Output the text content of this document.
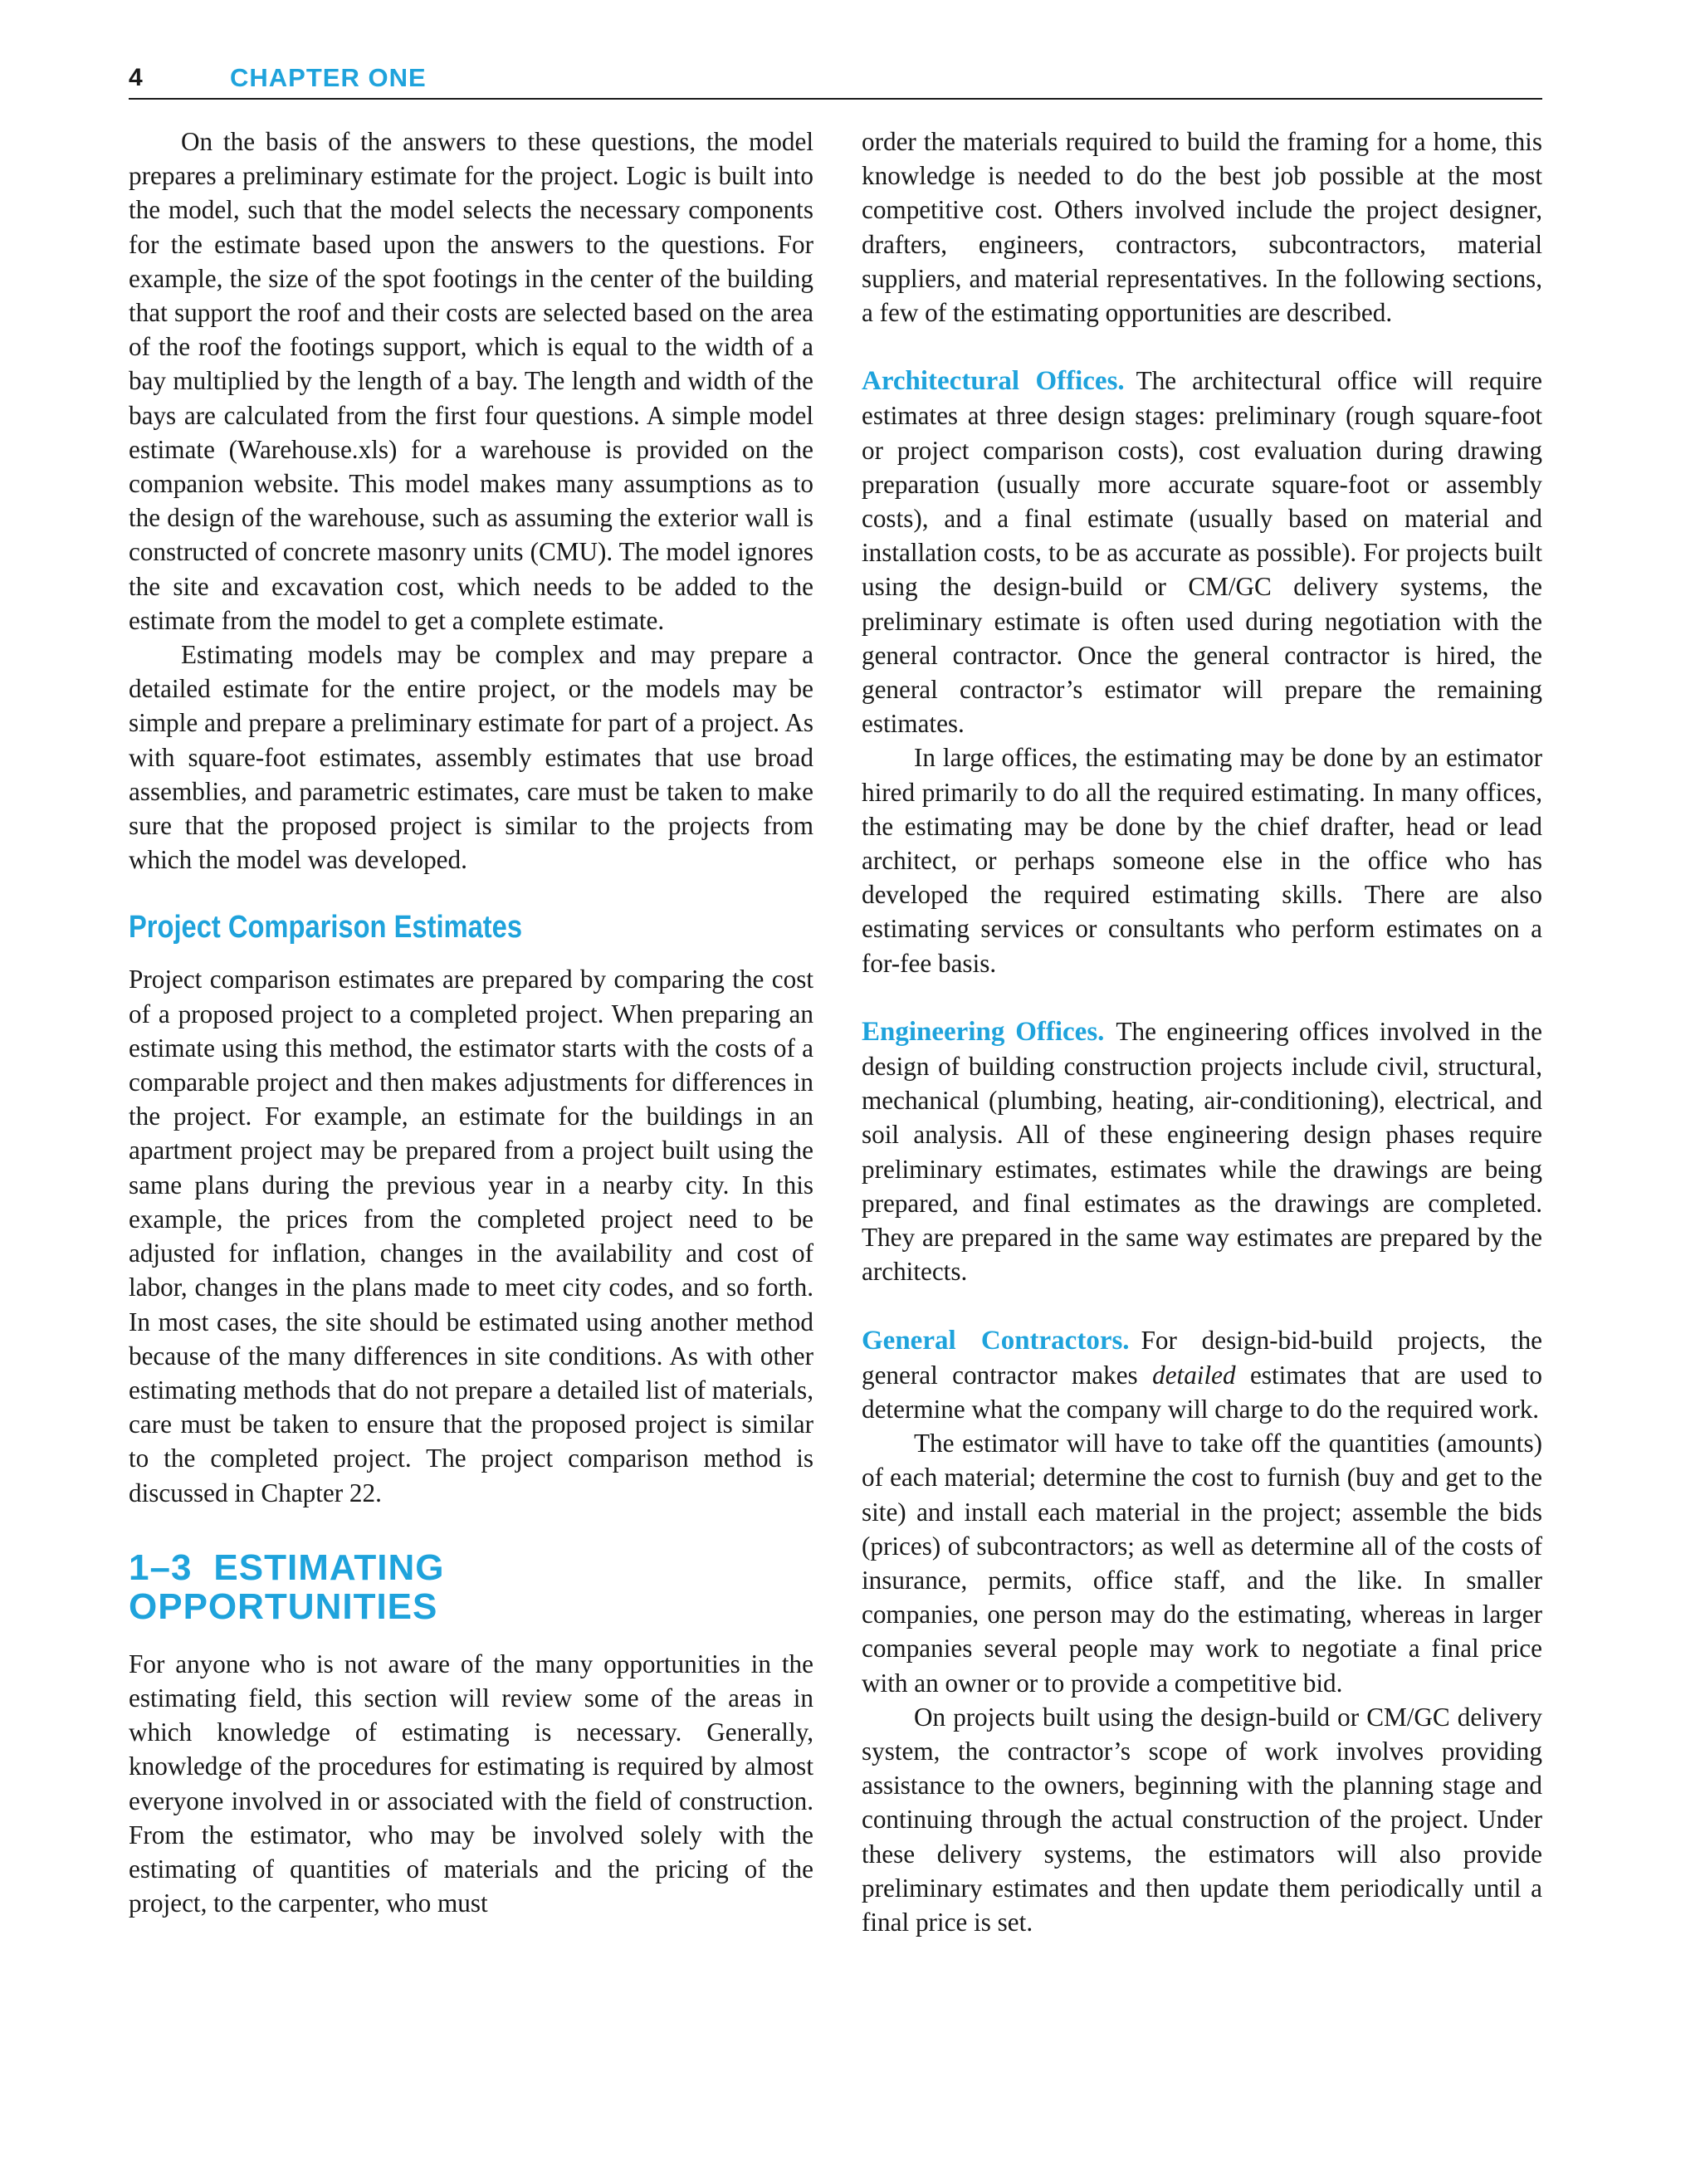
4	CHAPTER ONE

On the basis of the answers to these questions, the model prepares a preliminary estimate for the project. Logic is built into the model, such that the model selects the necessary components for the estimate based upon the answers to the questions. For example, the size of the spot footings in the center of the building that support the roof and their costs are selected based on the area of the roof the footings support, which is equal to the width of a bay multiplied by the length of a bay. The length and width of the bays are calculated from the first four questions. A simple model estimate (Warehouse.xls) for a warehouse is provided on the companion website. This model makes many assumptions as to the design of the warehouse, such as assuming the exterior wall is constructed of concrete masonry units (CMU). The model ignores the site and excavation cost, which needs to be added to the estimate from the model to get a complete estimate.

Estimating models may be complex and may prepare a detailed estimate for the entire project, or the models may be simple and prepare a preliminary estimate for part of a project. As with square-foot estimates, assembly estimates that use broad assemblies, and parametric estimates, care must be taken to make sure that the proposed project is similar to the projects from which the model was developed.

Project Comparison Estimates

Project comparison estimates are prepared by comparing the cost of a proposed project to a completed project. When preparing an estimate using this method, the estimator starts with the costs of a comparable project and then makes adjustments for differences in the project. For example, an estimate for the buildings in an apartment project may be prepared from a project built using the same plans during the previous year in a nearby city. In this example, the prices from the completed project need to be adjusted for inflation, changes in the availability and cost of labor, changes in the plans made to meet city codes, and so forth. In most cases, the site should be estimated using another method because of the many differences in site conditions. As with other estimating methods that do not prepare a detailed list of materials, care must be taken to ensure that the proposed project is similar to the completed project. The project comparison method is discussed in Chapter 22.

1–3 ESTIMATING
OPPORTUNITIES

For anyone who is not aware of the many opportunities in the estimating field, this section will review some of the areas in which knowledge of estimating is necessary. Generally, knowledge of the procedures for estimating is required by almost everyone involved in or associated with the field of construction. From the estimator, who may be involved solely with the estimating of quantities of materials and the pricing of the project, to the carpenter, who must

order the materials required to build the framing for a home, this knowledge is needed to do the best job possible at the most competitive cost. Others involved include the project designer, drafters, engineers, contractors, subcontractors, material suppliers, and material representatives. In the following sections, a few of the estimating opportunities are described.

Architectural Offices. The architectural office will require estimates at three design stages: preliminary (rough square-foot or project comparison costs), cost evaluation during drawing preparation (usually more accurate square-foot or assembly costs), and a final estimate (usually based on material and installation costs, to be as accurate as possible). For projects built using the design-build or CM/GC delivery systems, the preliminary estimate is often used during negotiation with the general contractor. Once the general contractor is hired, the general contractor’s estimator will prepare the remaining estimates.

In large offices, the estimating may be done by an estimator hired primarily to do all the required estimating. In many offices, the estimating may be done by the chief drafter, head or lead architect, or perhaps someone else in the office who has developed the required estimating skills. There are also estimating services or consultants who perform estimates on a for-fee basis.

Engineering Offices. The engineering offices involved in the design of building construction projects include civil, structural, mechanical (plumbing, heating, air-conditioning), electrical, and soil analysis. All of these engineering design phases require preliminary estimates, estimates while the drawings are being prepared, and final estimates as the drawings are completed. They are prepared in the same way estimates are prepared by the architects.

General Contractors. For design-bid-build projects, the general contractor makes detailed estimates that are used to determine what the company will charge to do the required work.

The estimator will have to take off the quantities (amounts) of each material; determine the cost to furnish (buy and get to the site) and install each material in the project; assemble the bids (prices) of subcontractors; as well as determine all of the costs of insurance, permits, office staff, and the like. In smaller companies, one person may do the estimating, whereas in larger companies several people may work to negotiate a final price with an owner or to provide a competitive bid.

On projects built using the design-build or CM/GC delivery system, the contractor’s scope of work involves providing assistance to the owners, beginning with the planning stage and continuing through the actual construction of the project. Under these delivery systems, the estimators will also provide preliminary estimates and then update them periodically until a final price is set.
